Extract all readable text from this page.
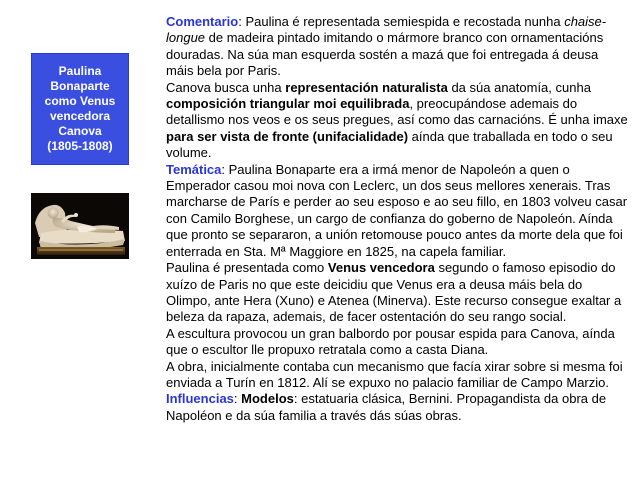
Paulina
Bonaparte
como Venus
vencedora
Canova
(1805-1808)

Comentario: Paulina é representada semiespida e recostada nunha chaise-longue de madeira pintado imitando o mármore branco con ornamentacións douradas. Na súa man esquerda sostén a mazá que foi entregada á deusa máis bela por Paris.

Canova busca unha representación naturalista da súa anatomía, cunha composición triangular moi equilibrada, preocupándose ademais do detallismo nos veos e os seus pregues, así como das carnacións. É unha imaxe para ser vista de fronte (unifacialidade) aínda que traballada en todo o seu volume.

Temática: Paulina Bonaparte era a irmá menor de Napoleón a quen o Emperador casou moi nova con Leclerc, un dos seus mellores xenerais. Tras marcharse de París e perder ao seu esposo e ao seu fillo, en 1803 volveu casar con Camilo Borghese, un cargo de confianza do goberno de Napoleón. Aínda que pronto se separaron, a unión retomouse pouco antes da morte dela que foi enterrada en Sta. Mª Maggiore en 1825, na capela familiar.

Paulina é presentada como Venus vencedora segundo o famoso episodio do xuízo de Paris no que este deicidiu que Venus era a deusa máis bela do Olimpo, ante Hera (Xuno) e Atenea (Minerva). Este recurso consegue exaltar a beleza da rapaza, ademais, de facer ostentación do seu rango social.

A escultura provocou un gran balbordo por pousar espida para Canova, aínda que o escultor lle propuxo retratala como a casta Diana.

A obra, inicialmente contaba cun mecanismo que facía xirar sobre si mesma foi enviada a Turín en 1812. Alí se expuxo no palacio familiar de Campo Marzio.

Influencias: Modelos: estatuaria clásica, Bernini. Propagandista da obra de Napoléon e da súa familia a través dás súas obras.
